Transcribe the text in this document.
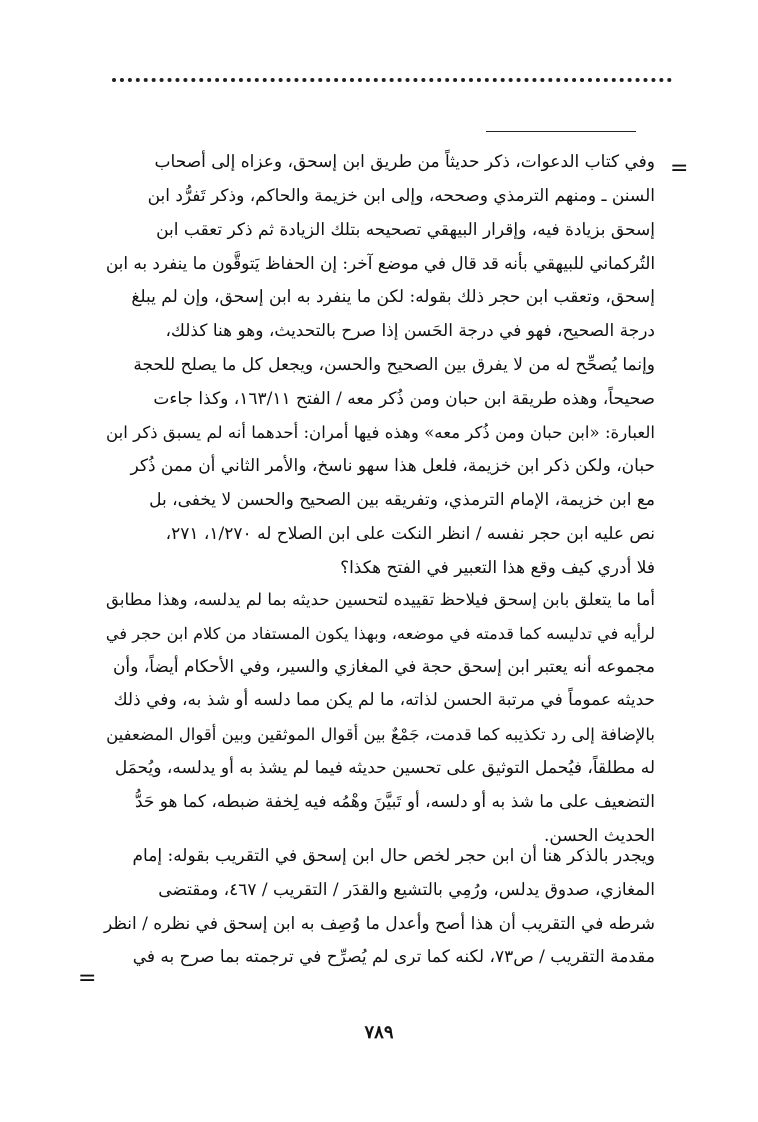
=
وفي كتاب الدعوات، ذكر حديثاً من طريق ابن إسحق، وعزاه إلى أصحاب
السنن ـ ومنهم الترمذي وصححه، وإلى ابن خزيمة والحاكم، وذكر تَفرُّد ابن
إسحق بزيادة فيه، وإقرار البيهقي تصحيحه بتلك الزيادة ثم ذكر تعقب ابن
التُركماني للبيهقي بأنه قد قال في موضع آخر: إن الحفاظ يَتوقَّون ما ينفرد به ابن
إسحق، وتعقب ابن حجر ذلك بقوله: لكن ما ينفرد به ابن إسحق، وإن لم يبلغ
درجة الصحيح، فهو في درجة الحَسن إذا صرح بالتحديث، وهو هنا كذلك،
وإنما يُصحِّح له من لا يفرق بين الصحيح والحسن، ويجعل كل ما يصلح للحجة
صحيحاً، وهذه طريقة ابن حبان ومن ذُكر معه / الفتح ١٦٣/١١، وكذا جاءت
العبارة: «ابن حبان ومن ذُكر معه» وهذه فيها أمران: أحدهما أنه لم يسبق ذكر ابن
حبان، ولكن ذكر ابن خزيمة، فلعل هذا سهو ناسخ، والأمر الثاني أن ممن ذُكر
مع ابن خزيمة، الإمام الترمذي، وتفريقه بين الصحيح والحسن لا يخفى، بل
نص عليه ابن حجر نفسه / انظر النكت على ابن الصلاح له ١/٢٧٠، ٢٧١،
فلا أدري كيف وقع هذا التعبير في الفتح هكذا؟
أما ما يتعلق بابن إسحق فيلاحظ تقييده لتحسين حديثه بما لم يدلسه، وهذا مطابق
لرأيه في تدليسه كما قدمته في موضعه، وبهذا يكون المستفاد من كلام ابن حجر في
مجموعه أنه يعتبر ابن إسحق حجة في المغازي والسير، وفي الأحكام أيضاً، وأن
حديثه عموماً في مرتبة الحسن لذاته، ما لم يكن مما دلسه أو شذ به، وفي ذلك
بالإضافة إلى رد تكذيبه كما قدمت، جَمْعٌ بين أقوال الموثقين وبين أقوال المضعفين
له مطلقاً، فيُحمل التوثيق على تحسين حديثه فيما لم يشذ به أو يدلسه، ويُحمَل
التضعيف على ما شذ به أو دلسه، أو تَبيَّنَ وهْمُه فيه لِخفة ضبطه، كما هو حَدُّ
الحديث الحسن.
ويجدر بالذكر هنا أن ابن حجر لخص حال ابن إسحق في التقريب بقوله: إمام
المغازي، صدوق يدلس، ورُمِي بالتشيع والقدَر / التقريب / ٤٦٧، ومقتضى
شرطه في التقريب أن هذا أصح وأعدل ما وُصِف به ابن إسحق في نظره / انظر
مقدمة التقريب / ص٧٣، لكنه كما ترى لم يُصرِّح في ترجمته بما صرح به في
=
٧٨٩
